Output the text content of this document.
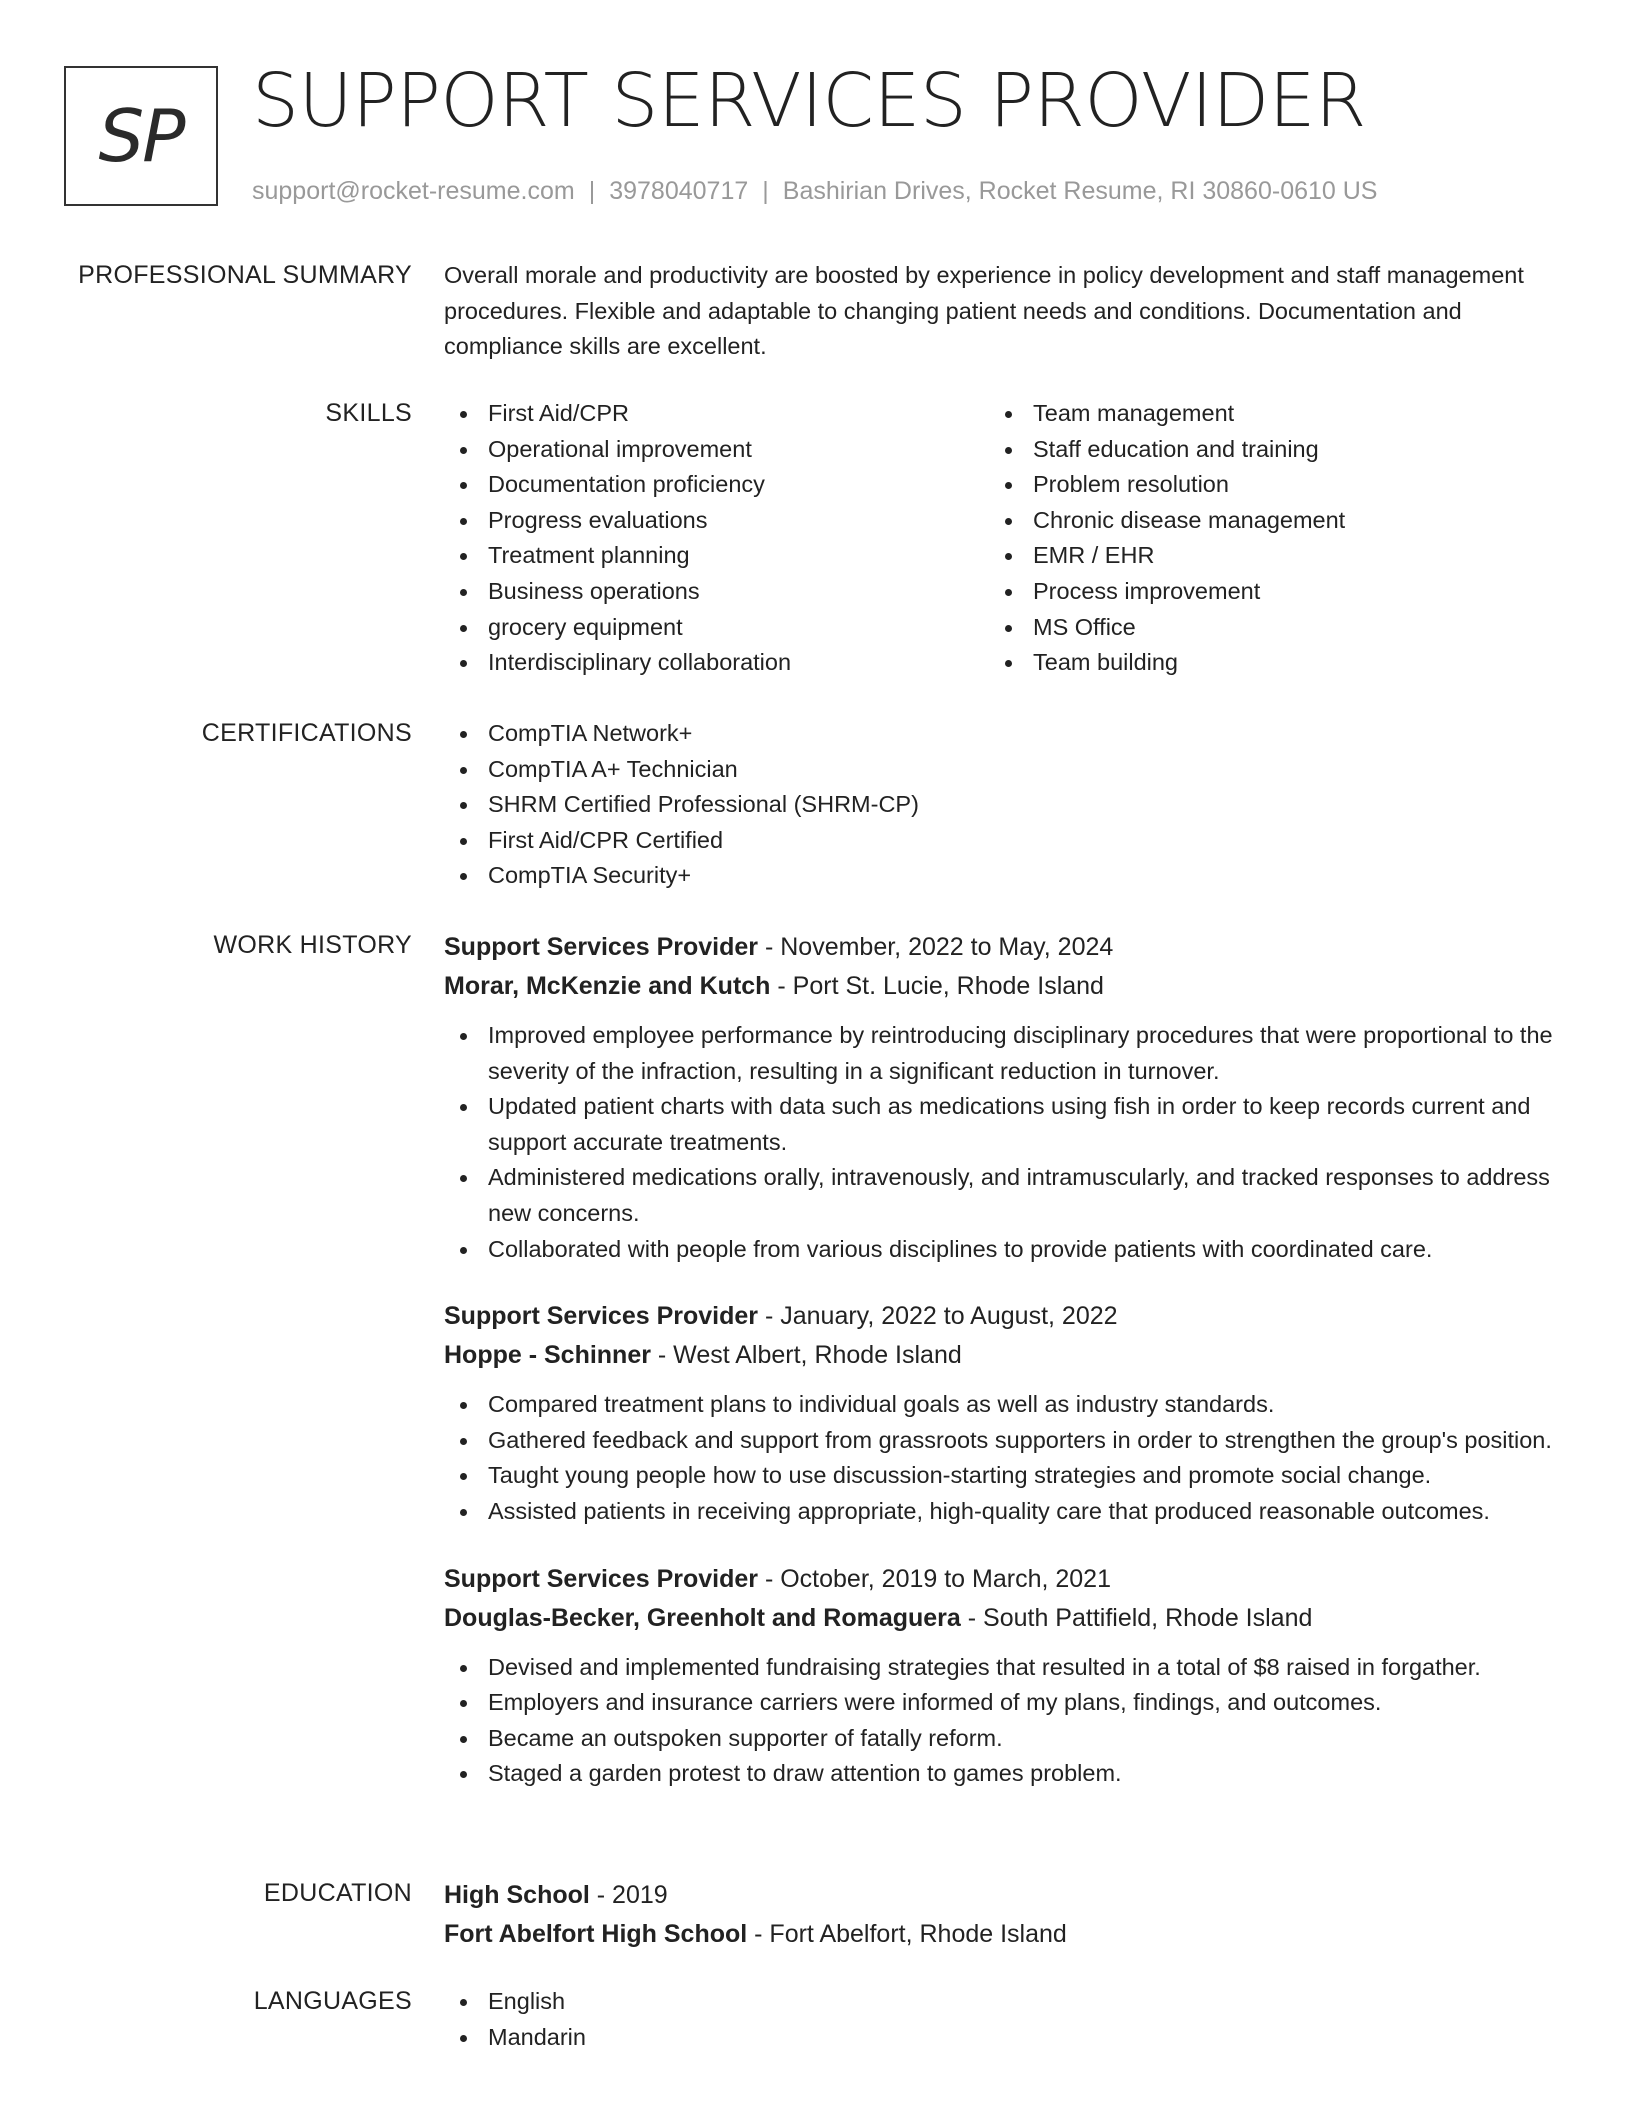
SP SUPPORT SERVICES PROVIDER
support@rocket-resume.com | 3978040717 | Bashirian Drives, Rocket Resume, RI 30860-0610 US
PROFESSIONAL SUMMARY Overall morale and productivity are boosted by experience in policy development and staff management procedures. Flexible and adaptable to changing patient needs and conditions. Documentation and compliance skills are excellent.

SKILLS	First Aid/CPR
Operational improvement
Documentation proficiency
Progress evaluations
Treatment planning
Business operations
grocery equipment
Interdisciplinary collaboration
Team management
Staff education and training
Problem resolution
Chronic disease management
EMR / EHR
Process improvement
MS Office
Team building
CERTIFICATIONS	CompTIA Network+
CompTIA A+ Technician
SHRM Certified Professional (SHRM-CP)
First Aid/CPR Certified
CompTIA Security+
WORK HISTORY Support Services Provider - November, 2022 to May, 2024
Morar, McKenzie and Kutch - Port St. Lucie, Rhode Island
Improved employee performance by reintroducing disciplinary procedures that were proportional to the severity of the infraction, resulting in a significant reduction in turnover.
Updated patient charts with data such as medications using fish in order to keep records current and support accurate treatments.
Administered medications orally, intravenously, and intramuscularly, and tracked responses to address new concerns.
Collaborated with people from various disciplines to provide patients with coordinated care.
Support Services Provider - January, 2022 to August, 2022
Hoppe - Schinner - West Albert, Rhode Island
Compared treatment plans to individual goals as well as industry standards.
Gathered feedback and support from grassroots supporters in order to strengthen the group's position.
Taught young people how to use discussion-starting strategies and promote social change.
Assisted patients in receiving appropriate, high-quality care that produced reasonable outcomes.
Support Services Provider - October, 2019 to March, 2021
Douglas-Becker, Greenholt and Romaguera - South Pattifield, Rhode Island
Devised and implemented fundraising strategies that resulted in a total of $8 raised in forgather.
Employers and insurance carriers were informed of my plans, findings, and outcomes.
Became an outspoken supporter of fatally reform.
Staged a garden protest to draw attention to games problem.
EDUCATION High School - 2019
Fort Abelfort High School - Fort Abelfort, Rhode Island
LANGUAGES	English
Mandarin
